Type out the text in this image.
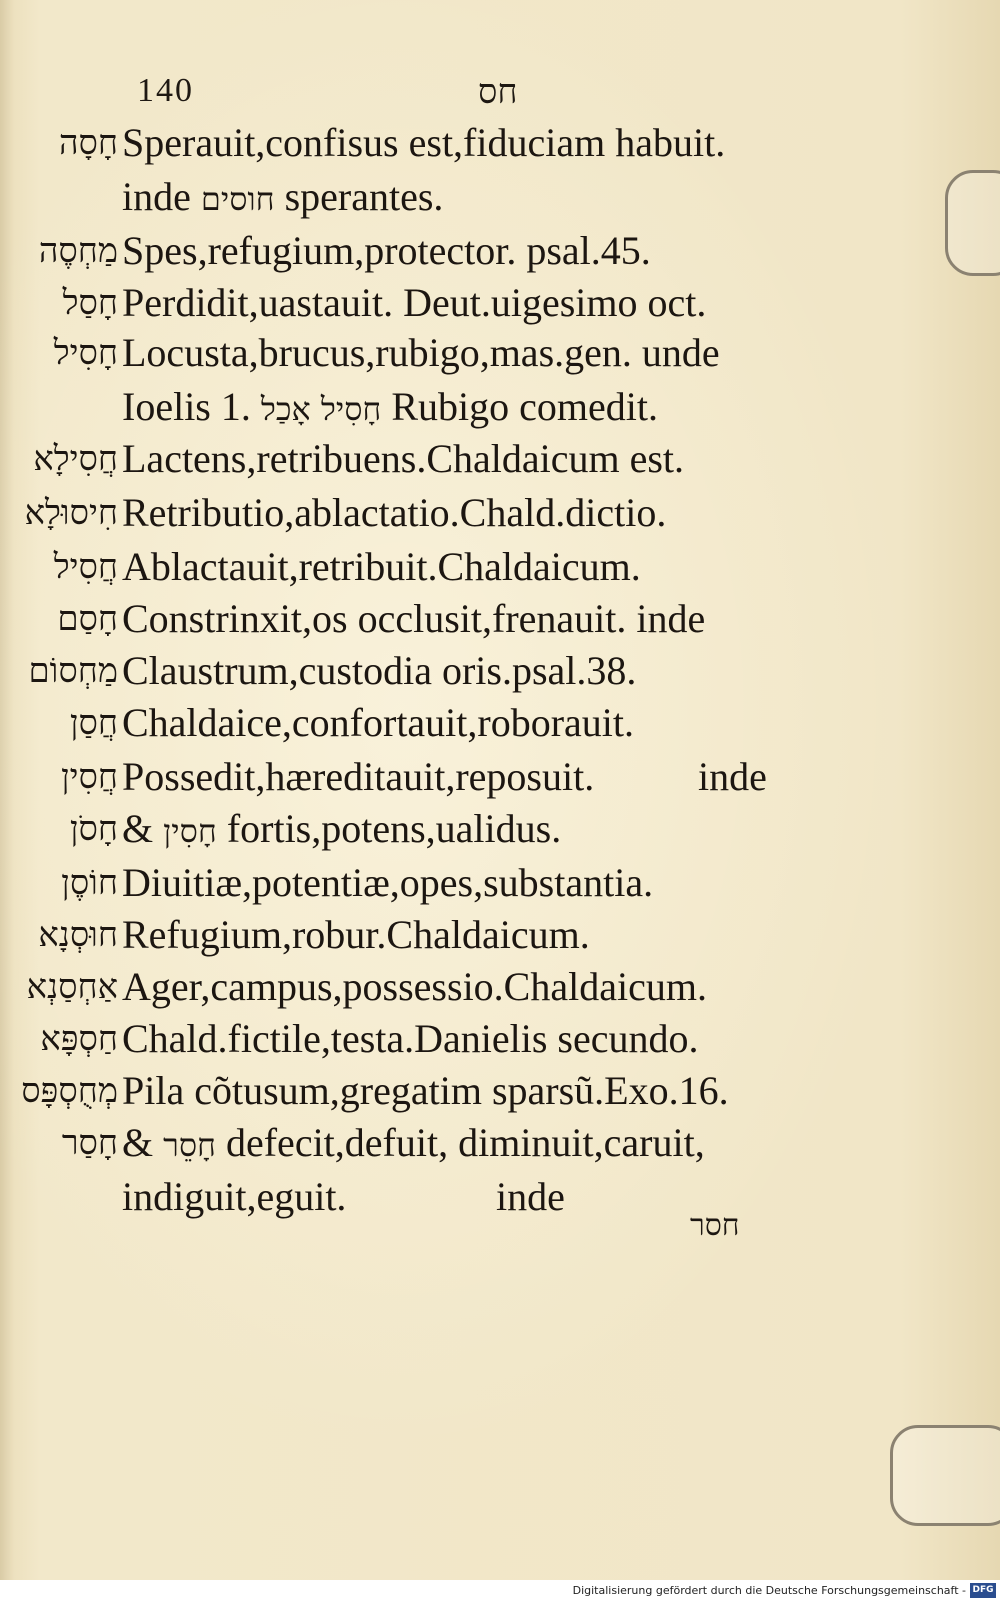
140	חס
חָסָה Sperauit,confisus est,fiduciam habuit.
inde חוסים sperantes.
מַחְסֶה Spes,refugium,protector. psal.45.
חָסַל Perdidit,uastauit. Deut.uigesimo oct.
חָסִיל Locusta,brucus,rubigo,mas.gen. unde
Ioelis 1. חָסִיל אָכַל Rubigo comedit.
חֲסִילָא Lactens,retribuens.Chaldaicum est.
חִיסוּלָא Retributio,ablactatio.Chald.dictio.
חֲסִיל Ablactauit,retribuit.Chaldaicum.
חָסַם Constrinxit,os occlusit,frenauit. inde
מַחְסוֹם Claustrum,custodia oris.psal.38.
חֲסַן Chaldaice,confortauit,roborauit.
חֲסִין Possedit,hæreditauit,reposuit.	inde
חָסֹן & חָסִין fortis,potens,ualidus.
חוֹסֶן Diuitiæ,potentiæ,opes,substantia.
חוּסְנָא Refugium,robur.Chaldaicum.
אַחְסַנְא Ager,campus,possessio.Chaldaicum.
חַסְפָּא Chald.fictile,testa.Danielis secundo.
מְחֻסְפָּס Pila cõtusum,gregatim sparsũ.Exo.16.
חָסַר & חָסֵר defecit,defuit, diminuit,caruit,
indiguit,eguit.	inde
חסר
Digitalisierung gefördert durch die Deutsche Forschungsgemeinschaft - DFG
